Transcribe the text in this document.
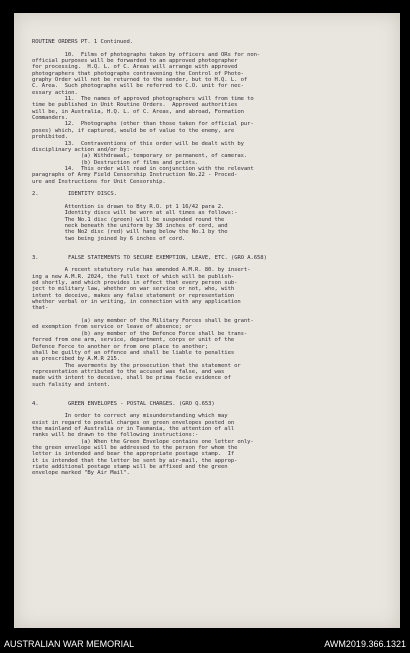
ROUTINE ORDERS PT. 1 Continued.
10.  Films of photographs taken by officers and ORs for non-
official purposes will be forwarded to an approved photographer
for processing.  H.Q. L. of C. Areas will arrange with approved
photographers that photographs contravening the Control of Photo-
graphy Order will not be returned to the sender, but to H.Q. L. of
C. Area.  Such photographs will be referred to C.O. unit for nec-
essary action.
11.  The names of approved photographers will from time to
time be published in Unit Routine Orders.  Approved authorities
will be, in Australia, H.Q. L. of C. Areas, and abroad, Formation
Commanders.
12.  Photographs (other than those taken for official pur-
poses) which, if captured, would be of value to the enemy, are
prohibited.
13.  Contraventions of this order will be dealt with by
disciplinary action and/or by:-
(a) Withdrawal, temporary or permanent, of cameras.
(b) Destruction of films and prints.
14.  This order will read in conjunction with the relevant
paragraphs of Army Field Censorship Instruction No.22 - Proced-
ure and Instructions for Unit Censorship.
2.	IDENTITY DISCS.
Attention is drawn to Bty R.O. pt 1 16/42 para 2.
Identity discs will be worn at all times as follows:-
The No.1 disc (green) will be suspended round the
neck beneath the uniform by 38 inches of cord, and
the No2 disc (red) will hang below the No.1 by the
two being joined by 6 inches of cord.
3.	FALSE STATEMENTS TO SECURE EXEMPTION, LEAVE, ETC. (GRO A.658)
A recent statutory rule has amended A.M.R. 80. by insert-
ing a new A.M.R. 2024, the full text of which will be publish-
ed shortly, and which provides in effect that every person sub-
ject to military law, whether on war service or not, who, with
intent to deceive, makes any false statement or representation
whether verbal or in writing, in connection with any application
that-
(a) any member of the Military Forces shall be grant-
ed exemption from service or leave of absence; or
(b) any member of the Defence Force shall be trans-
ferred from one arm, service, department, corps or unit of the
Defence Force to another or from one place to another;
shall be guilty of an offence and shall be liable to penalties
as prescribed by A.M.R 215.
The averments by the prosecution that the statement or
representation attributed to the accused was false, and was
made with intent to deceive, shall be prima facie evidence of
such falsity and intent.
4.	GREEN ENVELOPES - POSTAL CHARGES. (GRO Q.653)
In order to correct any misunderstanding which may
exist in regard to postal charges on green envelopes posted on
the mainland of Australia or in Tasmania, the attention of all
ranks will be drawn to the following instructions:-
(a) When the Green Envelope contains one letter only-
the green envelope will be addressed to the person for whom the
letter is intended and bear the appropriate postage stamp.  If
it is intended that the letter be sent by air-mail, the approp-
riate additional postage stamp will be affixed and the green
envelope marked "By Air Mail".
AUSTRALIAN WAR MEMORIAL	AWM2019.366.1321
